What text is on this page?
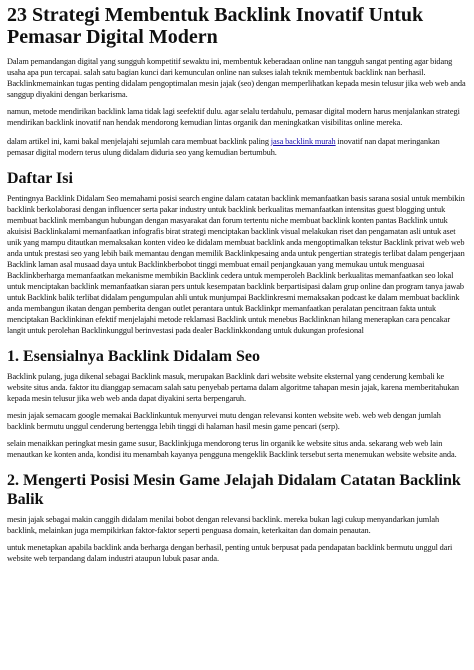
23 Strategi Membentuk Backlink Inovatif Untuk Pemasar Digital Modern

Dalam pemandangan digital yang sungguh kompetitif sewaktu ini, membentuk keberadaan online nan tangguh sangat penting agar bidang usaha apa pun tercapai. salah satu bagian kunci dari kemunculan online nan sukses ialah teknik membentuk backlink nan berhasil. Backlinkmemainkan tugas penting didalam pengoptimalan mesin jajak (seo) dengan memperlihatkan kepada mesin telusur jika web web anda sanggup diyakini dengan berkarisma.

namun, metode mendirikan backlink lama tidak lagi seefektif dulu. agar selalu terdahulu, pemasar digital modern harus menjalankan strategi mendirikan backlink inovatif nan hendak mendorong kemudian lintas organik dan meningkatkan visibilitas online mereka.

dalam artikel ini, kami bakal menjelajahi sejumlah cara membuat backlink paling jasa backlink murah inovatif nan dapat meringankan pemasar digital modern terus ulung didalam diduria seo yang kemudian bertumbuh.

Daftar Isi

Pentingnya Backlink Didalam Seo memahami posisi search engine dalam catatan backlink memanfaatkan basis sarana sosial untuk membikin backlink berkolaborasi dengan influencer serta pakar industry untuk backlink berkualitas memanfaatkan intensitas guest blogging untuk membuat backlink membangun hubungan dengan masyarakat dan forum tertentu niche membuat backlink konten pantas Backlink untuk akuisisi Backlinkalami memanfaatkan infografis birat strategi menciptakan backlink visual melakukan riset dan pengamatan asli untuk aset unik yang mampu ditautkan memaksakan konten video ke didalam membuat backlink anda mengoptimalkan tekstur Backlink privat web web anda untuk prestasi seo yang lebih baik memantau dengan memilik Backlinkpesaing anda untuk pengertian strategis terlibat dalam pengerjaan Backlink laman asal musaad daya untuk Backlinkberbobot tinggi membuat email penjangkauan yang memukau untuk menguasai Backlinkberharga memanfaatkan mekanisme membikin Backlink cedera untuk memperoleh Backlink berkualitas memanfaatkan seo lokal untuk menciptakan backlink memanfaatkan siaran pers untuk kesempatan backlink berpartisipasi dalam grup online dan program tanya jawab untuk Backlink balik terlibat didalam pengumpulan ahli untuk munjumpai Backlinkresmi memaksakan podcast ke dalam membuat backlink anda membangun ikatan dengan pemberita dengan outlet perantara untuk Backlinkpr memanfaatkan peralatan pencitraan fakta untuk menciptakan Backlinkinan efektif menjelajahi metode reklamasi Backlink untuk menebus Backlinknan hilang menerapkan cara pencakar langit untuk perolehan Backlinkunggul berinvestasi pada dealer Backlinkkondang untuk dukungan profesional

1. Esensialnya Backlink Didalam Seo

Backlink pulang, juga dikenal sebagai Backlink masuk, merupakan Backlink dari website website eksternal yang cenderung kembali ke website situs anda. faktor itu dianggap semacam salah satu penyebab pertama dalam algoritme tahapan mesin jajak, karena memberitahukan kepada mesin telusur jika web web anda dapat diyakini serta berpengaruh.

mesin jajak semacam google memakai Backlinkuntuk menyurvei mutu dengan relevansi konten website web. web web dengan jumlah backlink bermutu unggul cenderung bertengga lebih tinggi di halaman hasil mesin game pencari (serp).

selain menaikkan peringkat mesin game susur, Backlinkjuga mendorong terus lin organik ke website situs anda. sekarang web web lain menautkan ke konten anda, kondisi itu menambah kayanya pengguna mengeklik Backlink tersebut serta menemukan website website anda.

2. Mengerti Posisi Mesin Game Jelajah Didalam Catatan Backlink Balik

mesin jajak sebagai makin canggih didalam menilai bobot dengan relevansi backlink. mereka bukan lagi cukup menyandarkan jumlah backlink, melainkan juga mempikirkan faktor-faktor seperti penguasa domain, keterkaitan dan domain penautan.

untuk menetapkan apabila backlink anda berharga dengan berhasil, penting untuk berpusat pada pendapatan backlink bermutu unggul dari website web terpandang dalam industri ataupun lubuk pasar anda.
